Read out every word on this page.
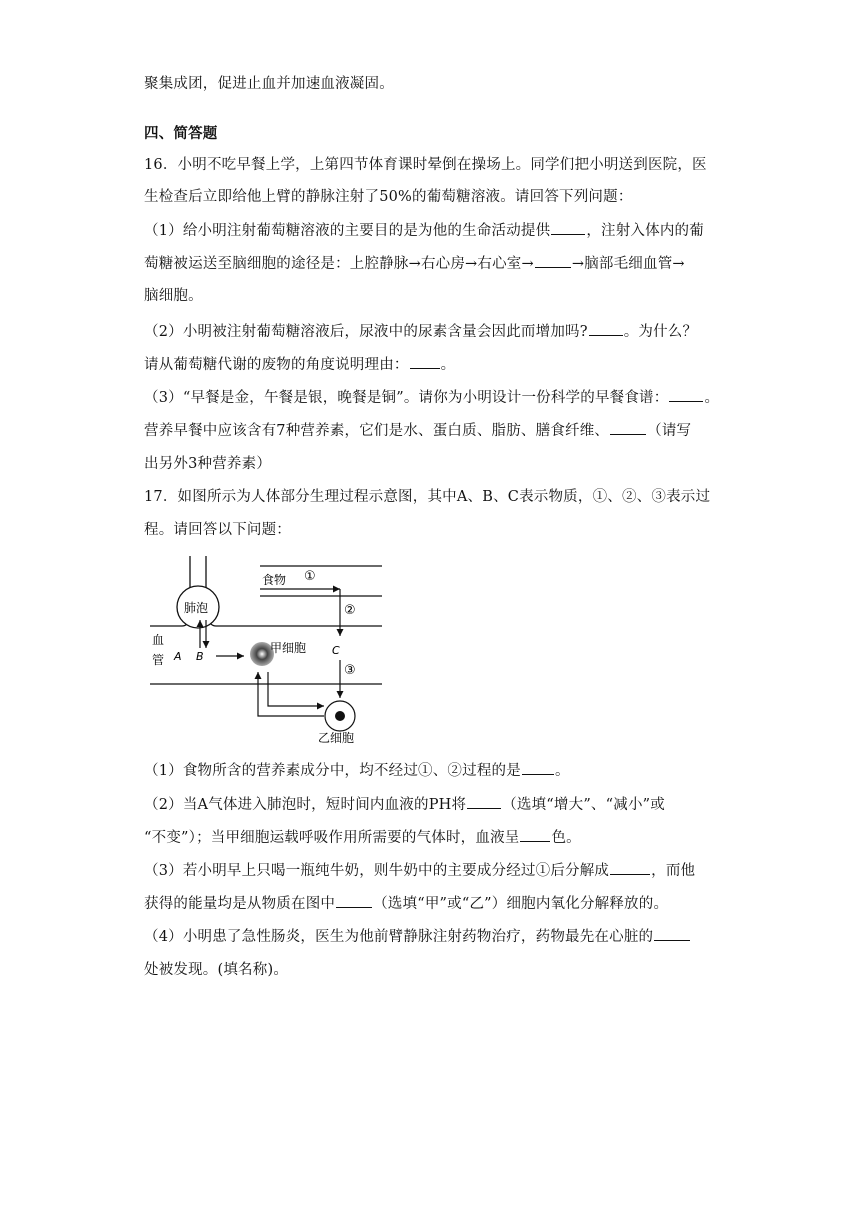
聚集成团，促进止血并加速血液凝固。
四、简答题
16．小明不吃早餐上学，上第四节体育课时晕倒在操场上。同学们把小明送到医院，医
生检查后立即给他上臂的静脉注射了50%的葡萄糖溶液。请回答下列问题：
（1）给小明注射葡萄糖溶液的主要目的是为他的生命活动提供 ，注射入体内的葡
萄糖被运送至脑细胞的途径是：上腔静脉→右心房→右心室→	→脑部毛细血管→
脑细胞。
（2）小明被注射葡萄糖溶液后，尿液中的尿素含量会因此而增加吗? 。为什么？
请从葡萄糖代谢的废物的角度说明理由： 。
（3）“早餐是金，午餐是银，晚餐是铜”。请你为小明设计一份科学的早餐食谱： 。
营养早餐中应该含有7种营养素，它们是水、蛋白质、脂肪、膳食纤维、	（请写
出另外3种营养素）
17．如图所示为人体部分生理过程示意图，其中A、B、C表示物质，①、②、③表示过
程。请回答以下问题：
（1）食物所含的营养素成分中，均不经过①、②过程的是 。
（2）当A气体进入肺泡时，短时间内血液的PH将 （选填“增大”、“减小”或
“不变”）；当甲细胞运载呼吸作用所需要的气体时，血液呈 色。
（3）若小明早上只喝一瓶纯牛奶，则牛奶中的主要成分经过①后分解成	，而他
获得的能量均是从物质在图中	（选填“甲”或“乙”）细胞内氧化分解释放的。
（4）小明患了急性肠炎，医生为他前臂静脉注射药物治疗，药物最先在心脏的
处被发现。(填名称)。
肺泡
A B
血
管
甲细胞
食物 ①
②
C
③
乙细胞
